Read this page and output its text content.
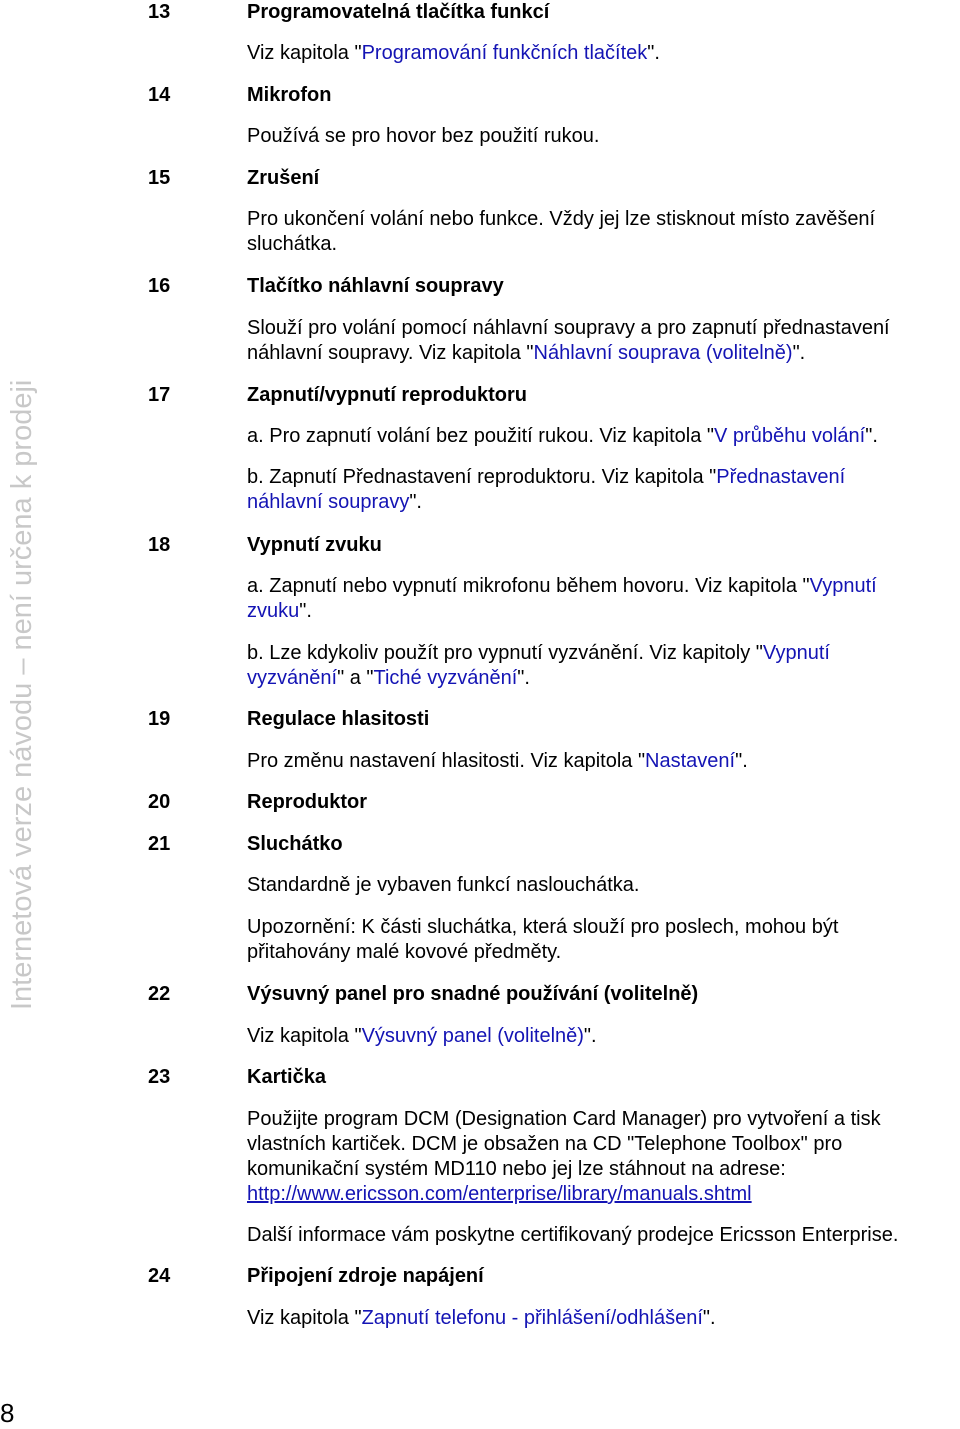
Internetová verze návodu – není určena k prodeji
8
13	Programovatelná tlačítka funkcí
Viz kapitola "Programování funkčních tlačítek".
14	Mikrofon
Používá se pro hovor bez použití rukou.
15	Zrušení
Pro ukončení volání nebo funkce. Vždy jej lze stisknout místo zavěšení
sluchátka.
16	Tlačítko náhlavní soupravy
Slouží pro volání pomocí náhlavní soupravy a pro zapnutí přednastavení
náhlavní soupravy. Viz kapitola "Náhlavní souprava (volitelně)".
17	Zapnutí/vypnutí reproduktoru
a. Pro zapnutí volání bez použití rukou. Viz kapitola "V průběhu volání".
b. Zapnutí Přednastavení reproduktoru. Viz kapitola "Přednastavení
náhlavní soupravy".
18	Vypnutí zvuku
a. Zapnutí nebo vypnutí mikrofonu během hovoru. Viz kapitola "Vypnutí
zvuku".
b. Lze kdykoliv použít pro vypnutí vyzvánění. Viz kapitoly "Vypnutí
vyzvánění" a "Tiché vyzvánění".
19	Regulace hlasitosti
Pro změnu nastavení hlasitosti. Viz kapitola "Nastavení".
20	Reproduktor
21	Sluchátko
Standardně je vybaven funkcí naslouchátka.
Upozornění: K části sluchátka, která slouží pro poslech, mohou být
přitahovány malé kovové předměty.
22	Výsuvný panel pro snadné používání (volitelně)
Viz kapitola "Výsuvný panel (volitelně)".
23	Kartička
Použijte program DCM (Designation Card Manager) pro vytvoření a tisk
vlastních kartiček. DCM je obsažen na CD "Telephone Toolbox" pro
komunikační systém MD110 nebo jej lze stáhnout na adrese:
http://www.ericsson.com/enterprise/library/manuals.shtml
Další informace vám poskytne certifikovaný prodejce Ericsson Enterprise.
24	Připojení zdroje napájení
Viz kapitola "Zapnutí telefonu - přihlášení/odhlášení".
